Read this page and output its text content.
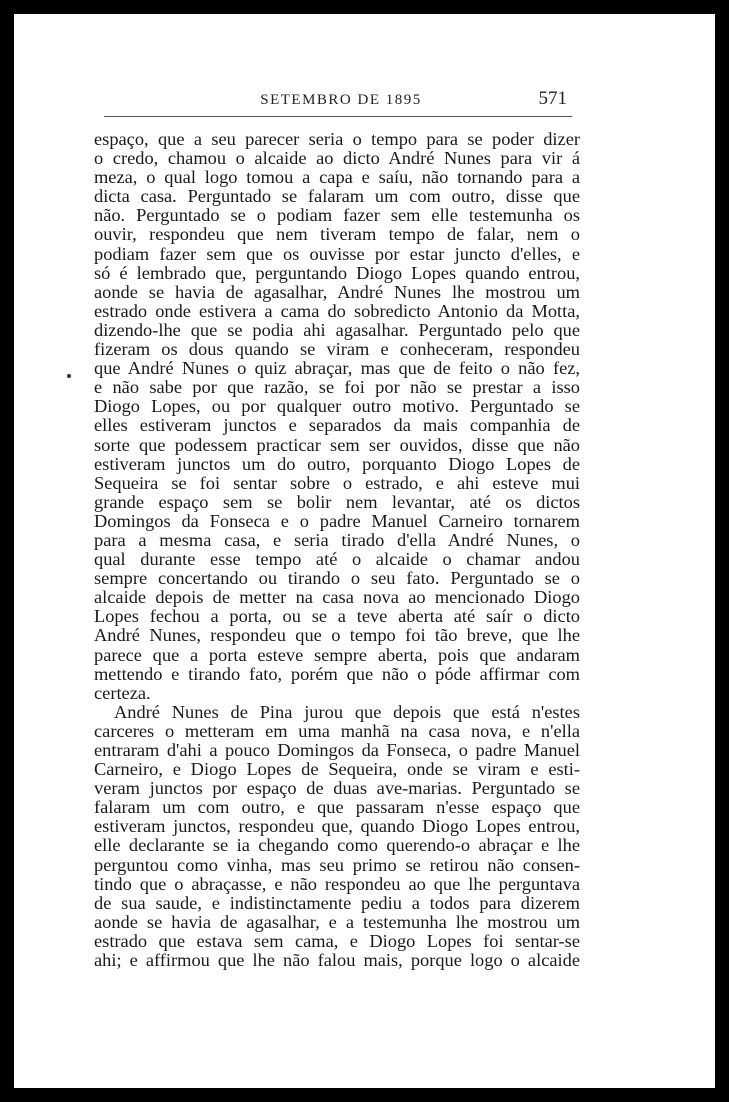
SETEMBRO DE 1895	571
espaço, que a seu parecer seria o tempo para se poder dizer
o credo, chamou o alcaide ao dicto André Nunes para vir á
meza, o qual logo tomou a capa e saíu, não tornando para a
dicta casa. Perguntado se falaram um com outro, disse que
não. Perguntado se o podiam fazer sem elle testemunha os
ouvir, respondeu que nem tiveram tempo de falar, nem o
podiam fazer sem que os ouvisse por estar juncto d'elles, e
só é lembrado que, perguntando Diogo Lopes quando entrou,
aonde se havia de agasalhar, André Nunes lhe mostrou um
estrado onde estivera a cama do sobredicto Antonio da Motta,
dizendo-lhe que se podia ahi agasalhar. Perguntado pelo que
fizeram os dous quando se viram e conheceram, respondeu
que André Nunes o quiz abraçar, mas que de feito o não fez,
e não sabe por que razão, se foi por não se prestar a isso
Diogo Lopes, ou por qualquer outro motivo. Perguntado se
elles estiveram junctos e separados da mais companhia de
sorte que podessem practicar sem ser ouvidos, disse que não
estiveram junctos um do outro, porquanto Diogo Lopes de
Sequeira se foi sentar sobre o estrado, e ahi esteve mui
grande espaço sem se bolir nem levantar, até os dictos
Domingos da Fonseca e o padre Manuel Carneiro tornarem
para a mesma casa, e seria tirado d'ella André Nunes, o
qual durante esse tempo até o alcaide o chamar andou
sempre concertando ou tirando o seu fato. Perguntado se o
alcaide depois de metter na casa nova ao mencionado Diogo
Lopes fechou a porta, ou se a teve aberta até saír o dicto
André Nunes, respondeu que o tempo foi tão breve, que lhe
parece que a porta esteve sempre aberta, pois que andaram
mettendo e tirando fato, porém que não o póde affirmar com
certeza.
André Nunes de Pina jurou que depois que está n'estes
carceres o metteram em uma manhã na casa nova, e n'ella
entraram d'ahi a pouco Domingos da Fonseca, o padre Manuel
Carneiro, e Diogo Lopes de Sequeira, onde se viram e esti-
veram junctos por espaço de duas ave-marias. Perguntado se
falaram um com outro, e que passaram n'esse espaço que
estiveram junctos, respondeu que, quando Diogo Lopes entrou,
elle declarante se ia chegando como querendo-o abraçar e lhe
perguntou como vinha, mas seu primo se retirou não consen-
tindo que o abraçasse, e não respondeu ao que lhe perguntava
de sua saude, e indistinctamente pediu a todos para dizerem
aonde se havia de agasalhar, e a testemunha lhe mostrou um
estrado que estava sem cama, e Diogo Lopes foi sentar-se
ahi; e affirmou que lhe não falou mais, porque logo o alcaide
